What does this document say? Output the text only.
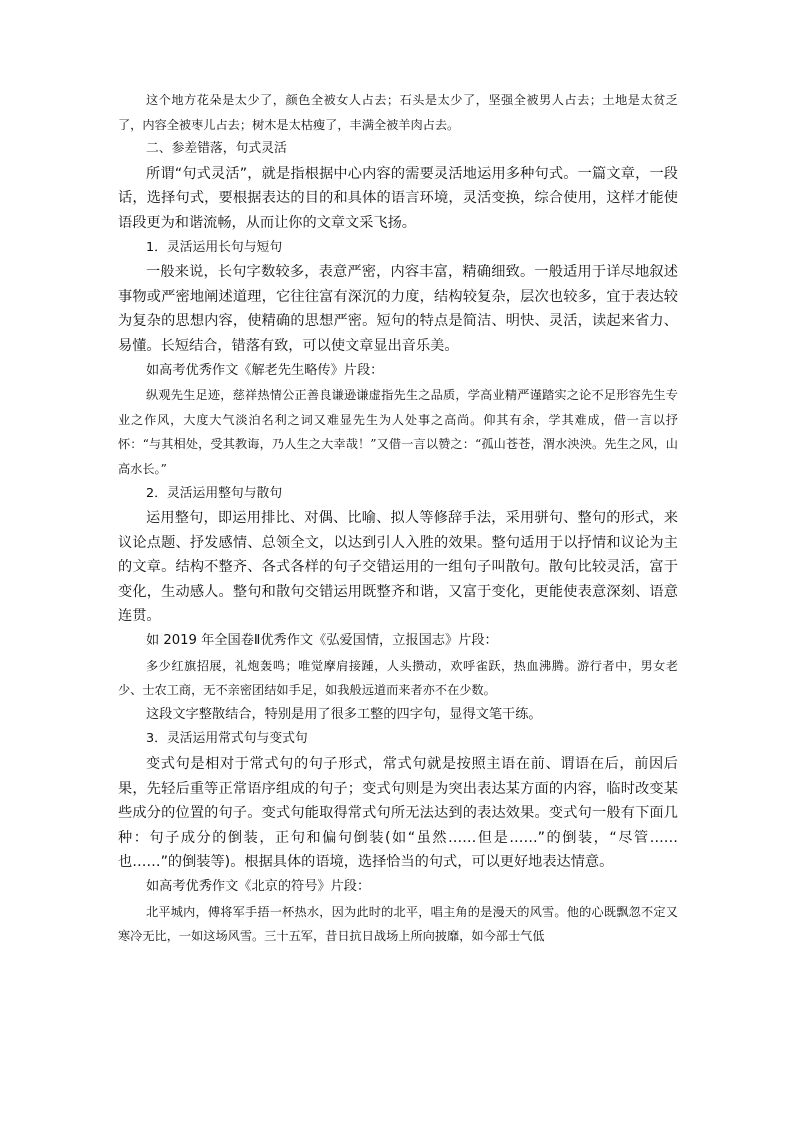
这个地方花朵是太少了，颜色全被女人占去；石头是太少了，坚强全被男人占去；土地是太贫乏了，内容全被枣儿占去；树木是太枯瘦了，丰满全被羊肉占去。

二、参差错落，句式灵活

所谓“句式灵活”，就是指根据中心内容的需要灵活地运用多种句式。一篇文章，一段话，选择句式，要根据表达的目的和具体的语言环境，灵活变换，综合使用，这样才能使语段更为和谐流畅，从而让你的文章文采飞扬。

1．灵活运用长句与短句

一般来说，长句字数较多，表意严密，内容丰富，精确细致。一般适用于详尽地叙述事物或严密地阐述道理，它往往富有深沉的力度，结构较复杂，层次也较多，宜于表达较为复杂的思想内容，使精确的思想严密。短句的特点是简洁、明快、灵活，读起来省力、易懂。长短结合，错落有致，可以使文章显出音乐美。

如高考优秀作文《解老先生略传》片段：

纵观先生足迹，慈祥热情公正善良谦逊谦虚指先生之品质，学高业精严谨踏实之论不足形容先生专业之作风，大度大气淡泊名利之词又难显先生为人处事之高尚。仰其有余，学其难成，借一言以抒怀：“与其相处，受其教诲，乃人生之大幸哉！”又借一言以赞之：“孤山苍苍，渭水泱泱。先生之风，山高水长。”

2．灵活运用整句与散句

运用整句，即运用排比、对偶、比喻、拟人等修辞手法，采用骈句、整句的形式，来议论点题、抒发感情、总领全文，以达到引人入胜的效果。整句适用于以抒情和议论为主的文章。结构不整齐、各式各样的句子交错运用的一组句子叫散句。散句比较灵活，富于变化，生动感人。整句和散句交错运用既整齐和谐，又富于变化，更能使表意深刻、语意连贯。

如 2019 年全国卷Ⅱ优秀作文《弘爱国情，立报国志》片段：

多少红旗招展，礼炮轰鸣；唯觉摩肩接踵，人头攒动，欢呼雀跃，热血沸腾。游行者中，男女老少、士农工商，无不亲密团结如手足，如我般远道而来者亦不在少数。

这段文字整散结合，特别是用了很多工整的四字句，显得文笔干练。

3．灵活运用常式句与变式句

变式句是相对于常式句的句子形式，常式句就是按照主语在前、谓语在后，前因后果，先轻后重等正常语序组成的句子；变式句则是为突出表达某方面的内容，临时改变某些成分的位置的句子。变式句能取得常式句所无法达到的表达效果。变式句一般有下面几种：句子成分的倒装，正句和偏句倒装(如“虽然……但是……”的倒装，“尽管……也……”的倒装等)。根据具体的语境，选择恰当的句式，可以更好地表达情意。

如高考优秀作文《北京的符号》片段：

北平城内，傅将军手捂一杯热水，因为此时的北平，唱主角的是漫天的风雪。他的心既飘忽不定又寒冷无比，一如这场风雪。三十五军，昔日抗日战场上所向披靡，如今部士气低
